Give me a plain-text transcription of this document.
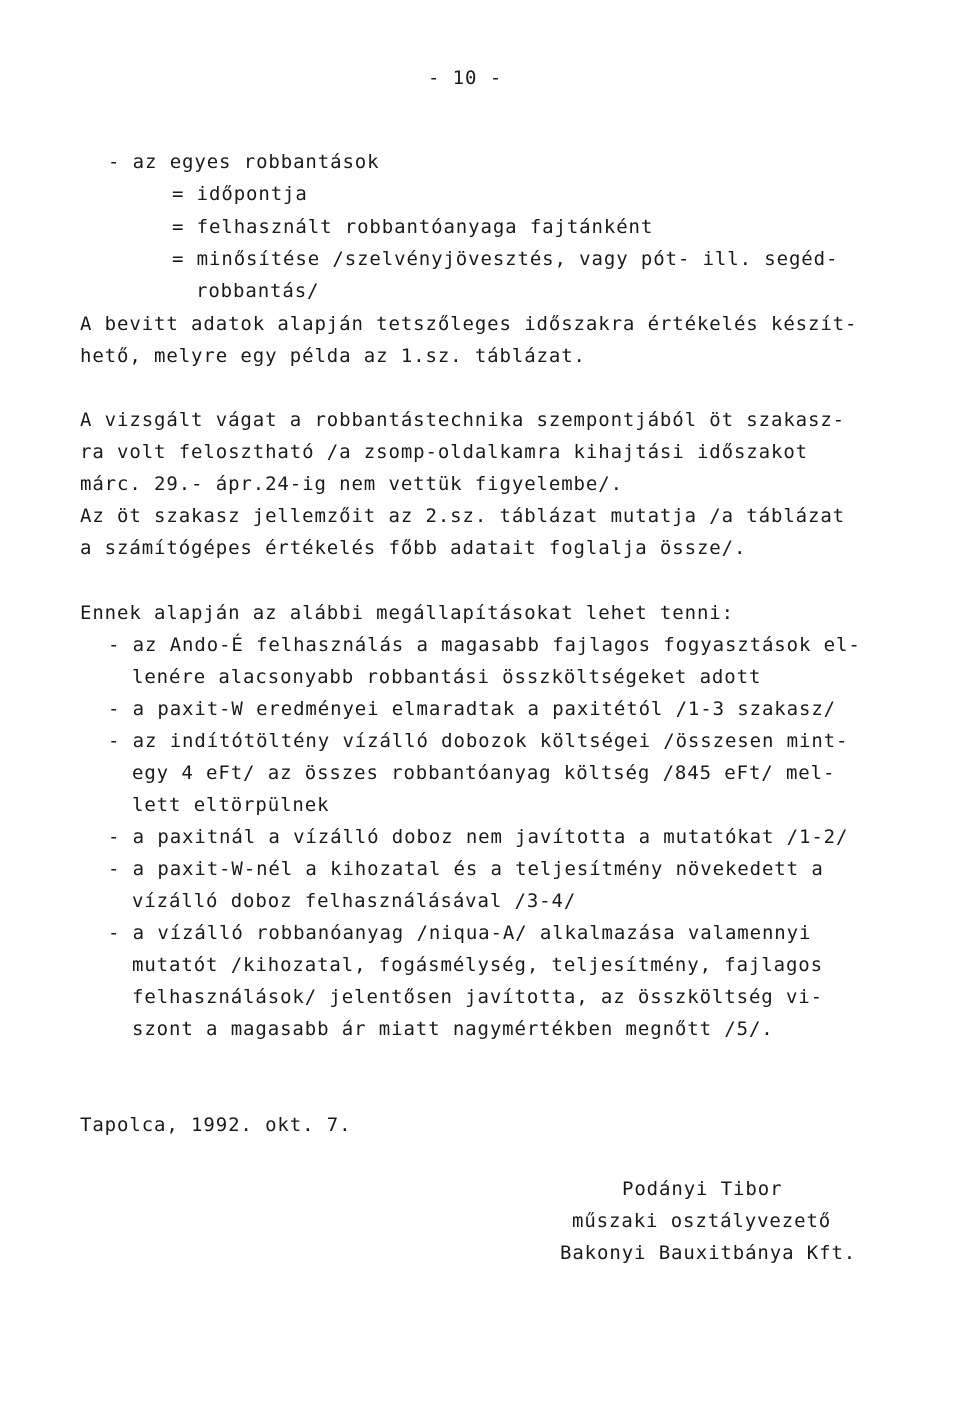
- 10 -
- az egyes robbantások
= időpontja
= felhasznált robbantóanyaga fajtánként
= minősítése /szelvényjövesztés, vagy pót- ill. segéd-
robbantás/
A bevitt adatok alapján tetszőleges időszakra értékelés készít-
hető, melyre egy példa az 1.sz. táblázat.
A vizsgált vágat a robbantástechnika szempontjából öt szakasz-
ra volt felosztható /a zsomp-oldalkamra kihajtási időszakot
márc. 29.- ápr.24-ig nem vettük figyelembe/.
Az öt szakasz jellemzőit az 2.sz. táblázat mutatja /a táblázat
a számítógépes értékelés főbb adatait foglalja össze/.
Ennek alapján az alábbi megállapításokat lehet tenni:
- az Ando-É felhasználás a magasabb fajlagos fogyasztások el-
lenére alacsonyabb robbantási összköltségeket adott
- a paxit-W eredményei elmaradtak a paxitétól /1-3 szakasz/
- az indítótöltény vízálló dobozok költségei /összesen mint-
egy 4 eFt/ az összes robbantóanyag költség /845 eFt/ mel-
lett eltörpülnek
- a paxitnál a vízálló doboz nem javította a mutatókat /1-2/
- a paxit-W-nél a kihozatal és a teljesítmény növekedett a
vízálló doboz felhasználásával /3-4/
- a vízálló robbanóanyag /niqua-A/ alkalmazása valamennyi
mutatót /kihozatal, fogásmélység, teljesítmény, fajlagos
felhasználások/ jelentősen javította, az összköltség vi-
szont a magasabb ár miatt nagymértékben megnőtt /5/.
Tapolca, 1992. okt. 7.
Podányi Tibor
műszaki osztályvezető
Bakonyi Bauxitbánya Kft.
